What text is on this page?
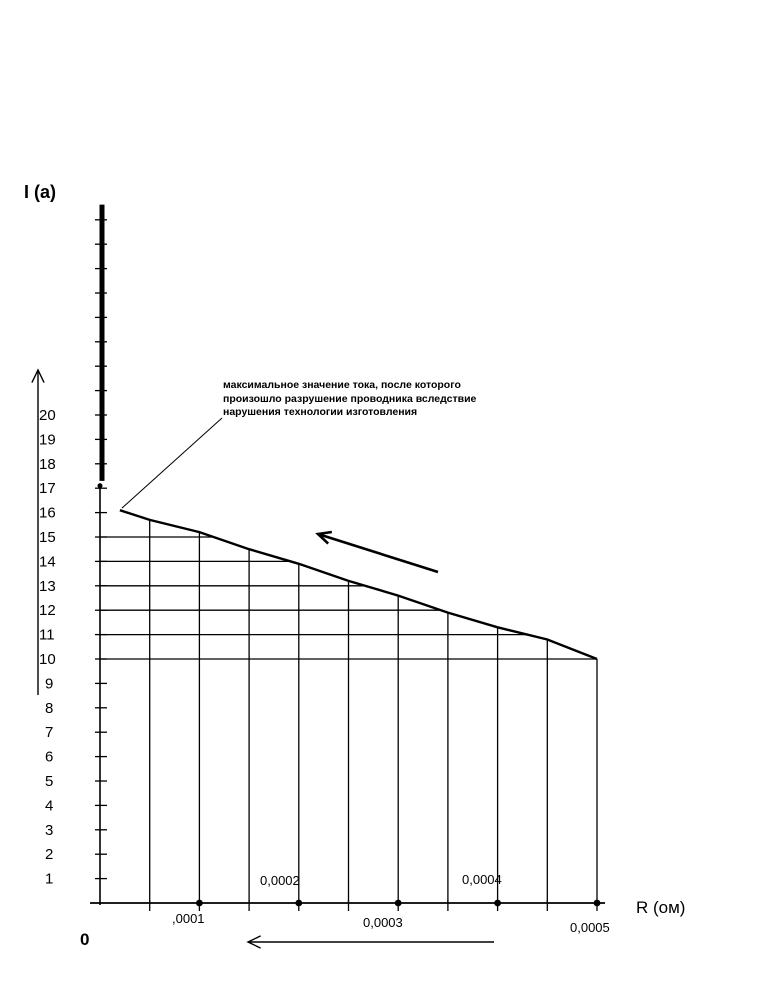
1
2
3
4
5
6
7
8
9
10
11
12
13
14
15
16
17
18
19
20
,0001
0,0002
0,0003
0,0004
0,0005
I (а)
R (ом)
0
максимальное значение тока, после которого
произошло разрушение проводника вследствие
нарушения технологии изготовления
